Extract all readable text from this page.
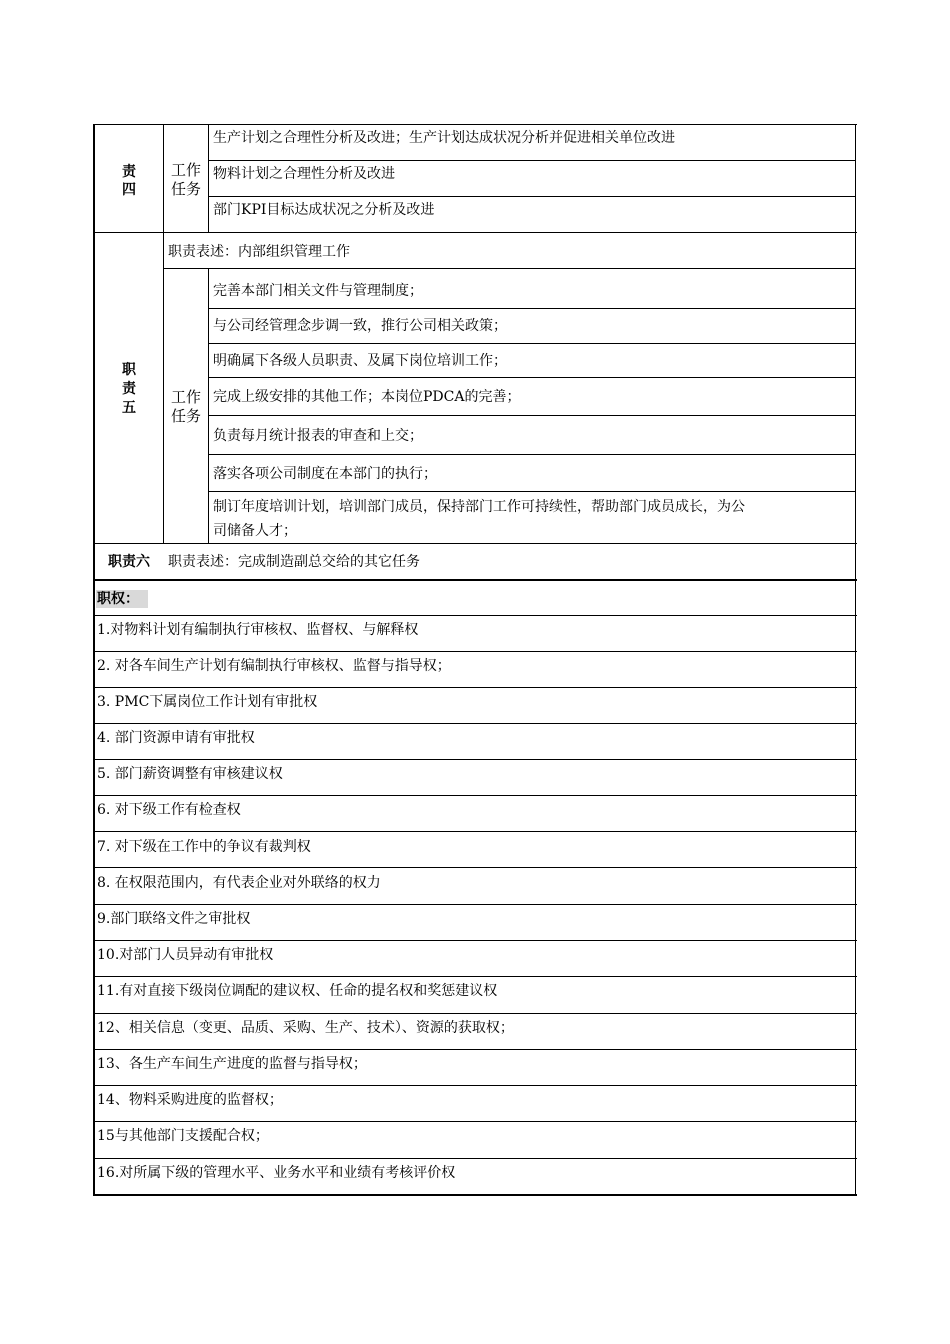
责
四
工作
任务
生产计划之合理性分析及改进；生产计划达成状况分析并促进相关单位改进
物料计划之合理性分析及改进
部门KPI目标达成状况之分析及改进
职责表述：内部组织管理工作
职
责
五
工作
任务
完善本部门相关文件与管理制度；
与公司经管理念步调一致，推行公司相关政策；
明确属下各级人员职责、及属下岗位培训工作；
完成上级安排的其他工作；本岗位PDCA的完善；
负责每月统计报表的审查和上交；
落实各项公司制度在本部门的执行；
制订年度培训计划，培训部门成员，保持部门工作可持续性，帮助部门成员成长，为公
司储备人才；
职责六	职责表述：完成制造副总交给的其它任务
职权：
1.对物料计划有编制执行审核权、监督权、与解释权
2. 对各车间生产计划有编制执行审核权、监督与指导权；
3. PMC下属岗位工作计划有审批权
4. 部门资源申请有审批权
5. 部门薪资调整有审核建议权
6. 对下级工作有检查权
7. 对下级在工作中的争议有裁判权
8. 在权限范围内，有代表企业对外联络的权力
9.部门联络文件之审批权
10.对部门人员异动有审批权
11.有对直接下级岗位调配的建议权、任命的提名权和奖惩建议权
12、相关信息（变更、品质、采购、生产、技术）、资源的获取权；
13、各生产车间生产进度的监督与指导权；
14、物料采购进度的监督权；
15与其他部门支援配合权；
16.对所属下级的管理水平、业务水平和业绩有考核评价权
